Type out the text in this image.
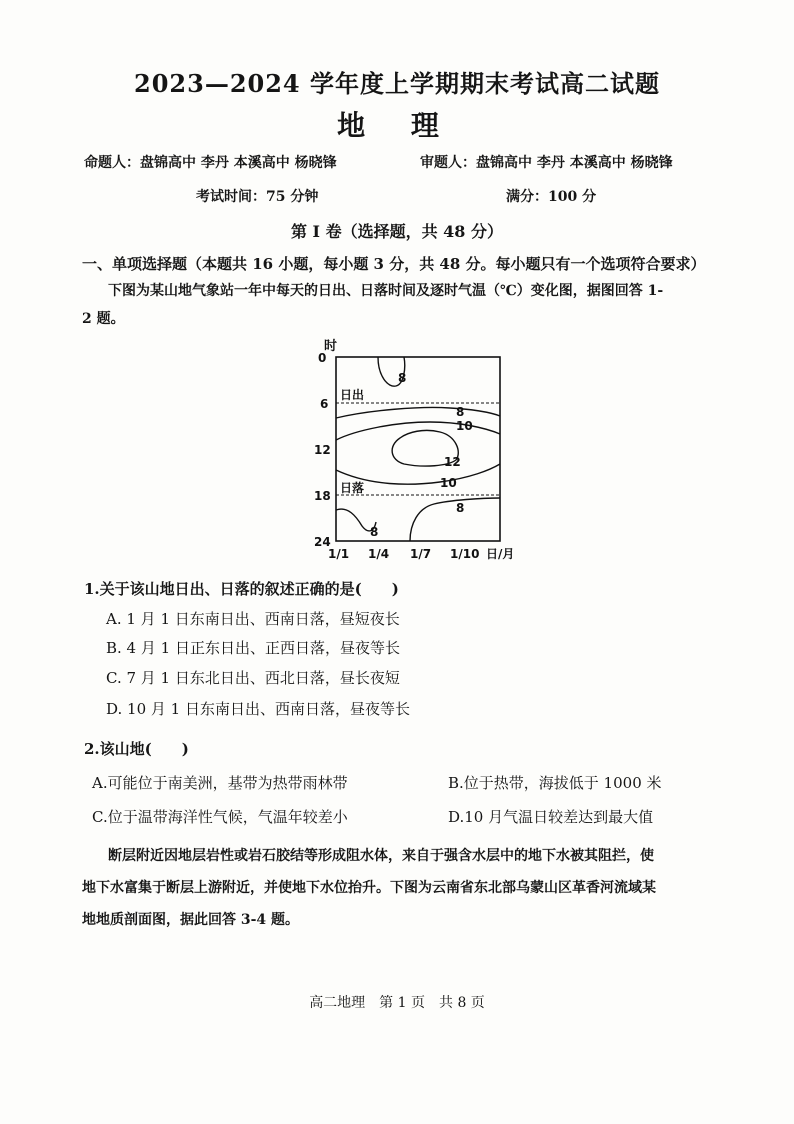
2023—2024 学年度上学期期末考试高二试题
地 理
命题人：盘锦高中 李丹 本溪高中 杨晓锋	审题人：盘锦高中 李丹 本溪高中 杨晓锋
考试时间：75 分钟	满分：100 分
第 Ⅰ 卷（选择题，共 48 分）
一、单项选择题（本题共 16 小题，每小题 3 分，共 48 分。每小题只有一个选项符合要求）
下图为某山地气象站一年中每天的日出、日落时间及逐时气温（℃）变化图，据图回答 1-
2 题。
时
0
6
12
18
24
1/1 1/4 1/7 1/10 日/月
日出
日落
8
8
10
12
10
8
8
1.关于该山地日出、日落的叙述正确的是(　　)
A. 1 月 1 日东南日出、西南日落，昼短夜长
B. 4 月 1 日正东日出、正西日落，昼夜等长
C. 7 月 1 日东北日出、西北日落，昼长夜短
D. 10 月 1 日东南日出、西南日落，昼夜等长
2.该山地(　　)
A.可能位于南美洲，基带为热带雨林带	B.位于热带，海拔低于 1000 米
C.位于温带海洋性气候，气温年较差小	D.10 月气温日较差达到最大值
断层附近因地层岩性或岩石胶结等形成阻水体，来自于强含水层中的地下水被其阻拦，使
地下水富集于断层上游附近，并使地下水位抬升。下图为云南省东北部乌蒙山区革香河流域某
地地质剖面图，据此回答 3-4 题。
高二地理　第 1 页　共 8 页
